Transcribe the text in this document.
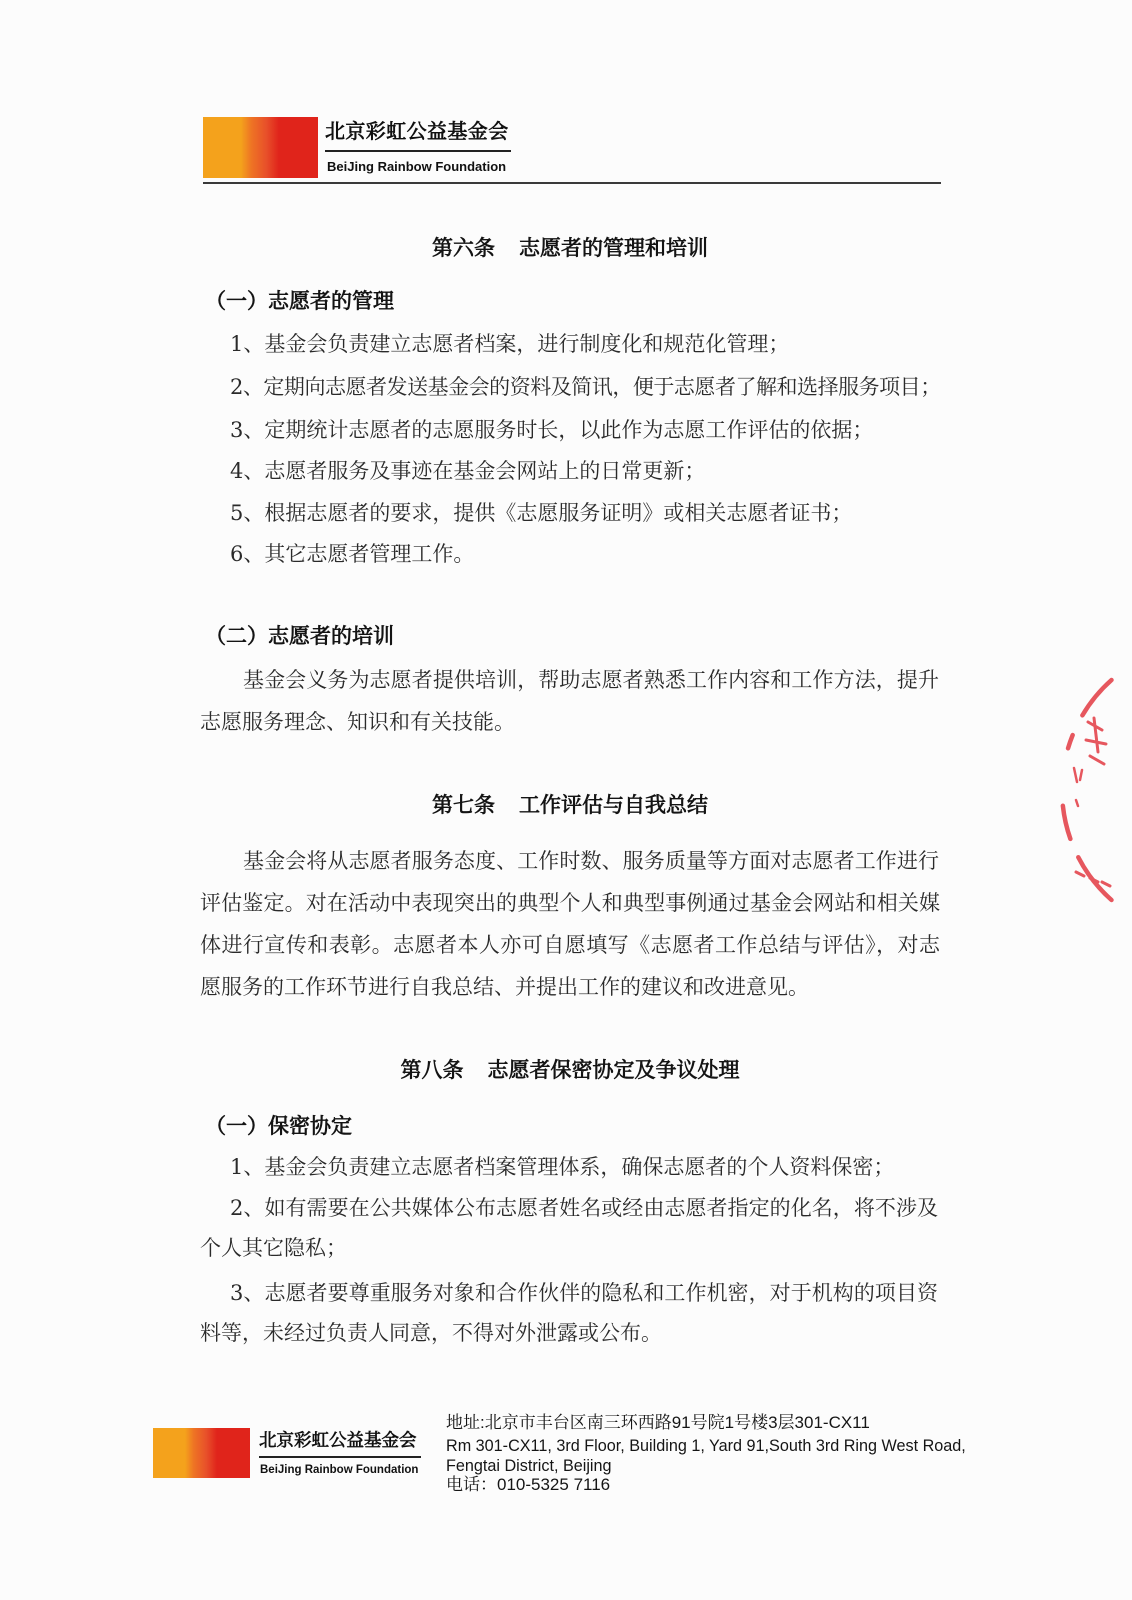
北京彩虹公益基金会
BeiJing Rainbow Foundation
第六条 志愿者的管理和培训
（一）志愿者的管理
1、基金会负责建立志愿者档案，进行制度化和规范化管理；
2、定期向志愿者发送基金会的资料及简讯，便于志愿者了解和选择服务项目；
3、定期统计志愿者的志愿服务时长，以此作为志愿工作评估的依据；
4、志愿者服务及事迹在基金会网站上的日常更新；
5、根据志愿者的要求，提供《志愿服务证明》或相关志愿者证书；
6、其它志愿者管理工作。
（二）志愿者的培训
基金会义务为志愿者提供培训，帮助志愿者熟悉工作内容和工作方法，提升
志愿服务理念、知识和有关技能。
第七条 工作评估与自我总结
基金会将从志愿者服务态度、工作时数、服务质量等方面对志愿者工作进行
评估鉴定。对在活动中表现突出的典型个人和典型事例通过基金会网站和相关媒
体进行宣传和表彰。志愿者本人亦可自愿填写《志愿者工作总结与评估》，对志
愿服务的工作环节进行自我总结、并提出工作的建议和改进意见。
第八条 志愿者保密协定及争议处理
（一）保密协定
1、基金会负责建立志愿者档案管理体系，确保志愿者的个人资料保密；
2、如有需要在公共媒体公布志愿者姓名或经由志愿者指定的化名，将不涉及
个人其它隐私；
3、志愿者要尊重服务对象和合作伙伴的隐私和工作机密，对于机构的项目资
料等，未经过负责人同意，不得对外泄露或公布。
北京彩虹公益基金会
BeiJing Rainbow Foundation
地址:北京市丰台区南三环西路91号院1号楼3层301-CX11
Rm 301-CX11, 3rd Floor, Building 1, Yard 91,South 3rd Ring West Road,
Fengtai District, Beijing
电话：010-5325 7116
